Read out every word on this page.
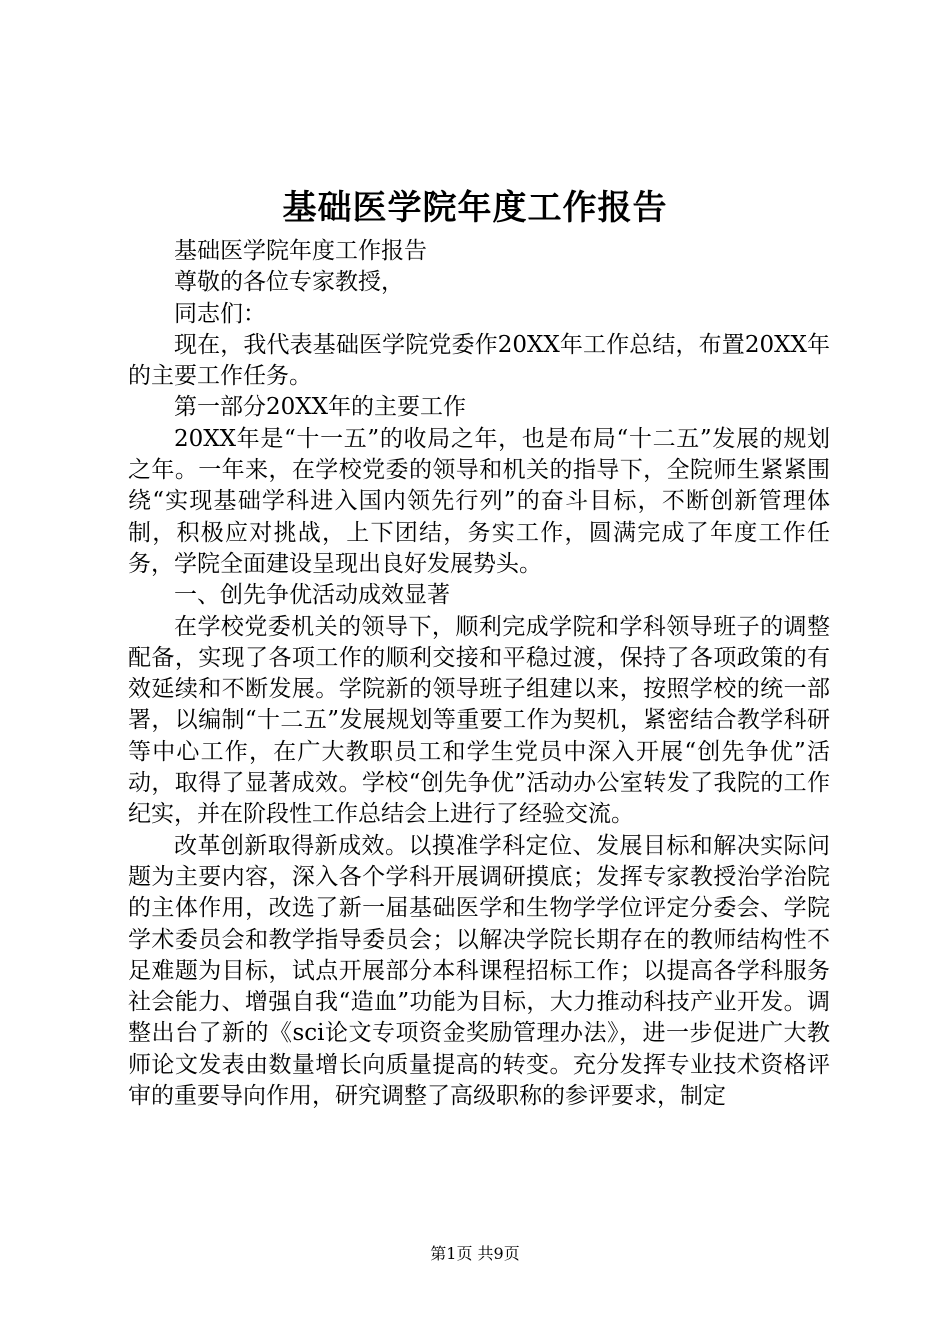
基础医学院年度工作报告

基础医学院年度工作报告

尊敬的各位专家教授，

同志们：

现在，我代表基础医学院党委作20XX年工作总结，布置20XX年的主要工作任务。

第一部分20XX年的主要工作

20XX年是“十一五”的收局之年，也是布局“十二五”发展的规划之年。一年来，在学校党委的领导和机关的指导下，全院师生紧紧围绕“实现基础学科进入国内领先行列”的奋斗目标，不断创新管理体制，积极应对挑战，上下团结，务实工作，圆满完成了年度工作任务，学院全面建设呈现出良好发展势头。

一、创先争优活动成效显著

在学校党委机关的领导下，顺利完成学院和学科领导班子的调整配备，实现了各项工作的顺利交接和平稳过渡，保持了各项政策的有效延续和不断发展。学院新的领导班子组建以来，按照学校的统一部署，以编制“十二五”发展规划等重要工作为契机，紧密结合教学科研等中心工作，在广大教职员工和学生党员中深入开展“创先争优”活动，取得了显著成效。学校“创先争优”活动办公室转发了我院的工作纪实，并在阶段性工作总结会上进行了经验交流。

改革创新取得新成效。以摸准学科定位、发展目标和解决实际问题为主要内容，深入各个学科开展调研摸底；发挥专家教授治学治院的主体作用，改选了新一届基础医学和生物学学位评定分委会、学院学术委员会和教学指导委员会；以解决学院长期存在的教师结构性不足难题为目标，试点开展部分本科课程招标工作；以提高各学科服务社会能力、增强自我“造血”功能为目标，大力推动科技产业开发。调整出台了新的《sci论文专项资金奖励管理办法》，进一步促进广大教师论文发表由数量增长向质量提高的转变。充分发挥专业技术资格评审的重要导向作用，研究调整了高级职称的参评要求，制定

第1页 共9页
